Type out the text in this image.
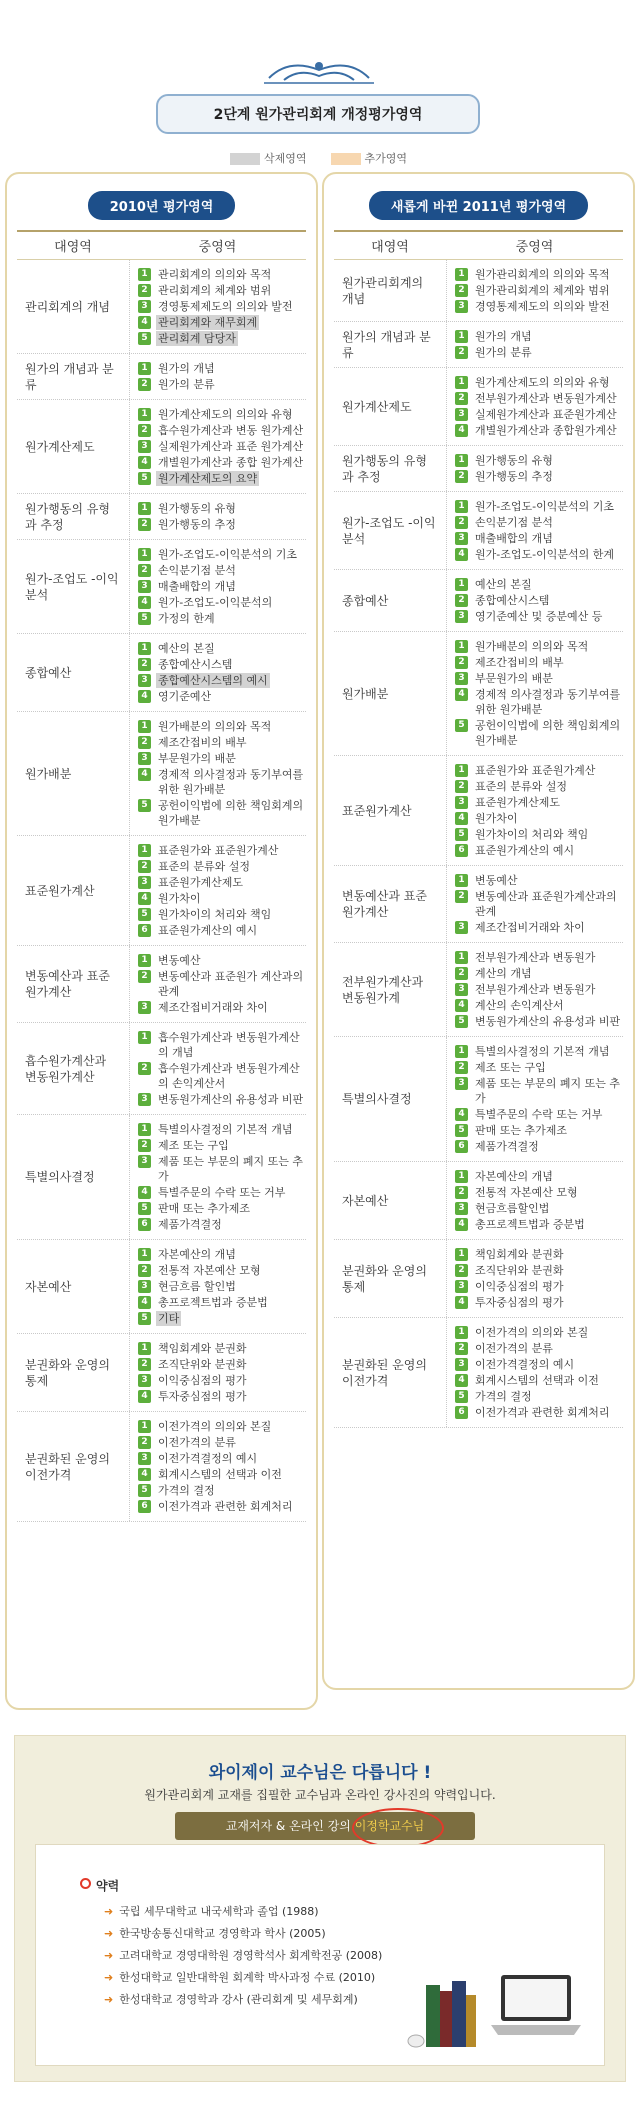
2단계 원가관리회계 개정평가영역
삭제영역	추가영역
2010년 평가영역
대영역	중영역
관리회계의 개념
1 관리회계의 의의와 목적
2 관리회계의 체계와 범위
3 경영통제제도의 의의와 발전
4 관리회계와 재무회계
5 관리회계 담당자
원가의 개념과 분류
1 원가의 개념
2 원가의 분류
원가계산제도
1 원가계산제도의 의의와 유형
2 흡수원가계산과 변동 원가계산
3 실제원가계산과 표준 원가계산
4 개별원가계산과 종합 원가계산
5 원가계산제도의 요약
원가행동의 유형과 추정
1 원가행동의 유형
2 원가행동의 추정
원가-조업도 -이익분석
1 원가-조업도-이익분석의 기초
2 손익분기점 분석
3 매출배합의 개념
4 원가-조업도-이익분석의
5 가정의 한계
종합예산
1 예산의 본질
2 종합예산시스템
3 종합예산시스템의 예시
4 영기준예산
원가배분
1 원가배분의 의의와 목적
2 제조간접비의 배부
3 부문원가의 배분
4 경제적 의사결정과 동기부여를 위한 원가배분
5 공헌이익법에 의한 책임회계의 원가배분
표준원가계산
1 표준원가와 표준원가계산
2 표준의 분류와 설정
3 표준원가계산제도
4 원가차이
5 원가차이의 처리와 책임
6 표준원가계산의 예시
변동예산과 표준원가계산
1 변동예산
2 변동예산과 표준원가 계산과의 관계
3 제조간접비거래와 차이
흡수원가계산과 변동원가계산
1 흡수원가계산과 변동원가계산의 개념
2 흡수원가계산과 변동원가계산의 손익계산서
3 변동원가계산의 유용성과 비판
특별의사결정
1 특별의사결정의 기본적 개념
2 제조 또는 구입
3 제품 또는 부문의 폐지 또는 추가
4 특별주문의 수락 또는 거부
5 판매 또는 추가제조
6 제품가격결정
자본예산
1 자본예산의 개념
2 전통적 자본예산 모형
3 현금흐름 할인법
4 총프로젝트법과 증분법
5 기타
분권화와 운영의 통제
1 책임회계와 분권화
2 조직단위와 분권화
3 이익중심점의 평가
4 투자중심점의 평가
분권화된 운영의 이전가격
1 이전가격의 의의와 본질
2 이전가격의 분류
3 이전가격결정의 예시
4 회계시스템의 선택과 이전
5 가격의 결정
6 이전가격과 관련한 회계처리
새롭게 바뀐 2011년 평가영역
대영역	중영역
원가관리회계의 개념
1 원가관리회계의 의의와 목적
2 원가관리회계의 체계와 범위
3 경영통제제도의 의의와 발전
원가의 개념과 분류
1 원가의 개념
2 원가의 분류
원가계산제도
1 원가계산제도의 의의와 유형
2 전부원가계산과 변동원가계산
3 실제원가계산과 표준원가계산
4 개별원가계산과 종합원가계산
원가행동의 유형과 추정
1 원가행동의 유형
2 원가행동의 추정
원가-조업도 -이익분석
1 원가-조업도-이익분석의 기초
2 손익분기점 분석
3 매출배합의 개념
4 원가-조업도-이익분석의 한계
종합예산
1 예산의 본질
2 종합예산시스템
3 영기준예산 및 증분예산 등
원가배분
1 원가배분의 의의와 목적
2 제조간접비의 배부
3 부문원가의 배분
4 경제적 의사결정과 동기부여를 위한 원가배분
5 공헌이익법에 의한 책임회계의 원가배분
표준원가계산
1 표준원가와 표준원가계산
2 표준의 분류와 설정
3 표준원가계산제도
4 원가차이
5 원가차이의 처리와 책임
6 표준원가계산의 예시
변동예산과 표준원가계산
1 변동예산
2 변동예산과 표준원가계산과의 관계
3 제조간접비거래와 차이
전부원가계산과 변동원가계
1 전부원가계산과 변동원가
2 계산의 개념
3 전부원가계산과 변동원가
4 계산의 손익계산서
5 변동원가계산의 유용성과 비판
특별의사결정
1 특별의사결정의 기본적 개념
2 제조 또는 구입
3 제품 또는 부문의 폐지 또는 추가
4 특별주문의 수락 또는 거부
5 판매 또는 추가제조
6 제품가격결정
자본예산
1 자본예산의 개념
2 전통적 자본예산 모형
3 현금흐름할인법
4 총프로젝트법과 증분법
분권화와 운영의 통제
1 책임회계와 분권화
2 조직단위와 분권화
3 이익중심점의 평가
4 투자중심점의 평가
분권화된 운영의 이전가격
1 이전가격의 의의와 본질
2 이전가격의 분류
3 이전가격결정의 예시
4 회계시스템의 선택과 이전
5 가격의 결정
6 이전가격과 관련한 회계처리
와이제이 교수님은 다릅니다 !
원가관리회계 교재를 집필한 교수님과 온라인 강사진의 약력입니다.
교재저자 & 온라인 강의 이정학교수님
약력
➜ 국립 세무대학교 내국세학과 졸업 (1988)
➜ 한국방송통신대학교 경영학과 학사 (2005)
➜ 고려대학교 경영대학원 경영학석사 회계학전공 (2008)
➜ 한성대학교 일반대학원 회계학 박사과정 수료 (2010)
➜ 한성대학교 경영학과 강사 (관리회계 및 세무회계)
